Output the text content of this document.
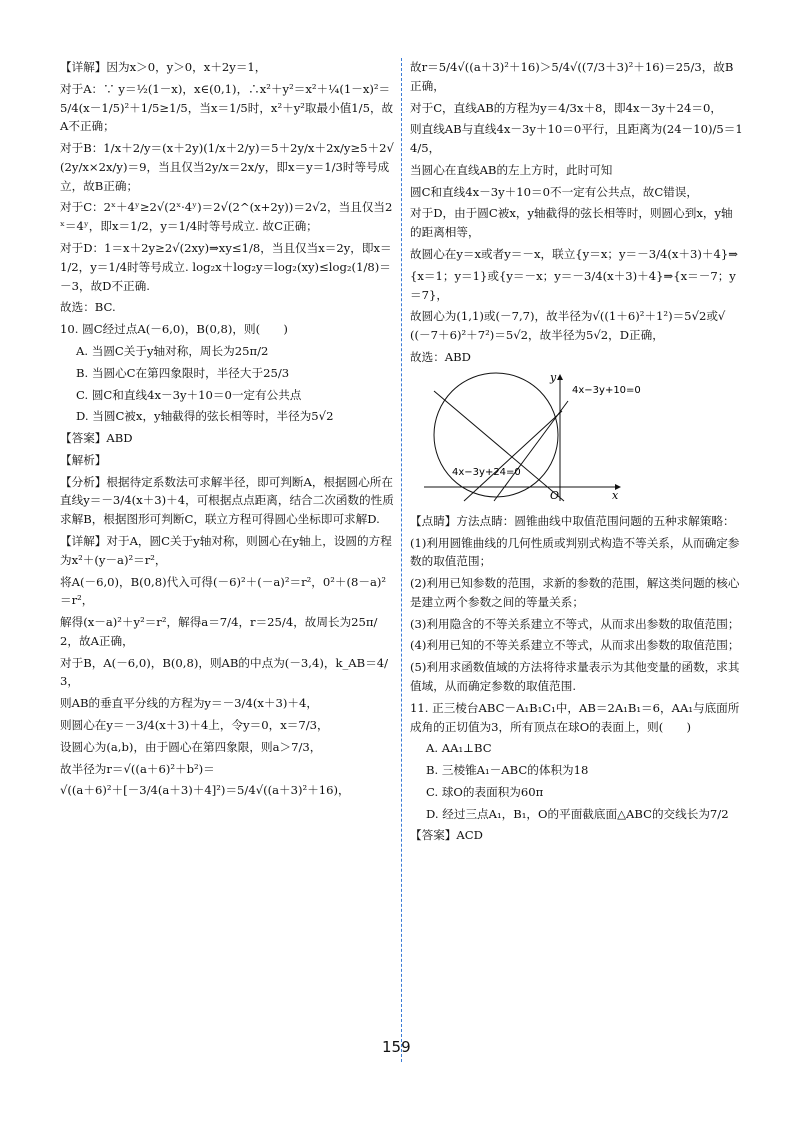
【详解】因为x＞0，y＞0，x＋2y＝1，

对于A：∵ y＝½(1－x)，x∈(0,1)，∴x²＋y²＝x²＋¼(1－x)²＝5/4(x－1/5)²＋1/5≥1/5，当x＝1/5时，x²＋y²取最小值1/5，故A不正确；

对于B：1/x＋2/y＝(x＋2y)(1/x＋2/y)＝5＋2y/x＋2x/y≥5＋2√(2y/x×2x/y)＝9，当且仅当2y/x＝2x/y，即x＝y＝1/3时等号成立，故B正确；

对于C：2ˣ＋4ʸ≥2√(2ˣ·4ʸ)＝2√(2^(x+2y))＝2√2，当且仅当2ˣ＝4ʸ，即x＝1/2，y＝1/4时等号成立. 故C正确；

对于D：1＝x＋2y≥2√(2xy)⇒xy≤1/8，当且仅当x＝2y，即x＝1/2，y＝1/4时等号成立. log₂x＋log₂y＝log₂(xy)≤log₂(1/8)＝－3，故D不正确.

故选：BC.

10. 圆C经过点A(－6,0)，B(0,8)，则(　　)

A. 当圆C关于y轴对称，周长为25π/2

B. 当圆心C在第四象限时，半径大于25/3

C. 圆C和直线4x－3y＋10＝0一定有公共点

D. 当圆C被x，y轴截得的弦长相等时，半径为5√2

【答案】ABD

【解析】

【分析】根据待定系数法可求解半径，即可判断A，根据圆心所在直线y＝－3/4(x＋3)＋4，可根据点点距离，结合二次函数的性质求解B，根据图形可判断C，联立方程可得圆心坐标即可求解D.

【详解】对于A，圆C关于y轴对称，则圆心在y轴上，设圆的方程为x²＋(y－a)²＝r²，

将A(－6,0)，B(0,8)代入可得(－6)²＋(－a)²＝r²，0²＋(8－a)²＝r²，

解得(x－a)²＋y²＝r²，解得a＝7/4，r＝25/4，故周长为25π/2，故A正确，

对于B，A(－6,0)，B(0,8)，则AB的中点为(－3,4)，k_AB＝4/3，

则AB的垂直平分线的方程为y＝－3/4(x＋3)＋4，

则圆心在y＝－3/4(x＋3)＋4上，令y＝0，x＝7/3，

设圆心为(a,b)，由于圆心在第四象限，则a＞7/3，

故半径为r＝√((a＋6)²＋b²)＝

√((a＋6)²＋[－3/4(a＋3)＋4]²)＝5/4√((a＋3)²＋16)，

故r＝5/4√((a＋3)²＋16)＞5/4√((7/3＋3)²＋16)＝25/3，故B正确，

对于C，直线AB的方程为y＝4/3x＋8，即4x－3y＋24＝0，

则直线AB与直线4x－3y＋10＝0平行，且距离为(24－10)/5＝14/5，

当圆心在直线AB的左上方时，此时可知

圆C和直线4x－3y＋10＝0不一定有公共点，故C错误，

对于D，由于圆C被x，y轴截得的弦长相等时，则圆心到x，y轴的距离相等，

故圆心在y＝x或者y＝－x，联立{y＝x；y＝－3/4(x＋3)＋4}⇒

{x＝1；y＝1}或{y＝－x；y＝－3/4(x＋3)＋4}⇒{x＝－7；y＝7}，

故圆心为(1,1)或(－7,7)，故半径为√((1＋6)²＋1²)＝5√2或√((－7＋6)²＋7²)＝5√2，故半径为5√2，D正确，

故选：ABD

4x−3y+10=0
4x−3y+24=0
x
y
O

【点睛】方法点睛：圆锥曲线中取值范围问题的五种求解策略：

(1)利用圆锥曲线的几何性质或判别式构造不等关系，从而确定参数的取值范围；

(2)利用已知参数的范围，求新的参数的范围，解这类问题的核心是建立两个参数之间的等量关系；

(3)利用隐含的不等关系建立不等式，从而求出参数的取值范围；

(4)利用已知的不等关系建立不等式，从而求出参数的取值范围；

(5)利用求函数值域的方法将待求量表示为其他变量的函数，求其值域，从而确定参数的取值范围.

11. 正三棱台ABC－A₁B₁C₁中，AB＝2A₁B₁＝6，AA₁与底面所成角的正切值为3，所有顶点在球O的表面上，则(　　)

A. AA₁⊥BC

B. 三棱锥A₁－ABC的体积为18

C. 球O的表面积为60π

D. 经过三点A₁，B₁，O的平面截底面△ABC的交线长为7/2

【答案】ACD

159
